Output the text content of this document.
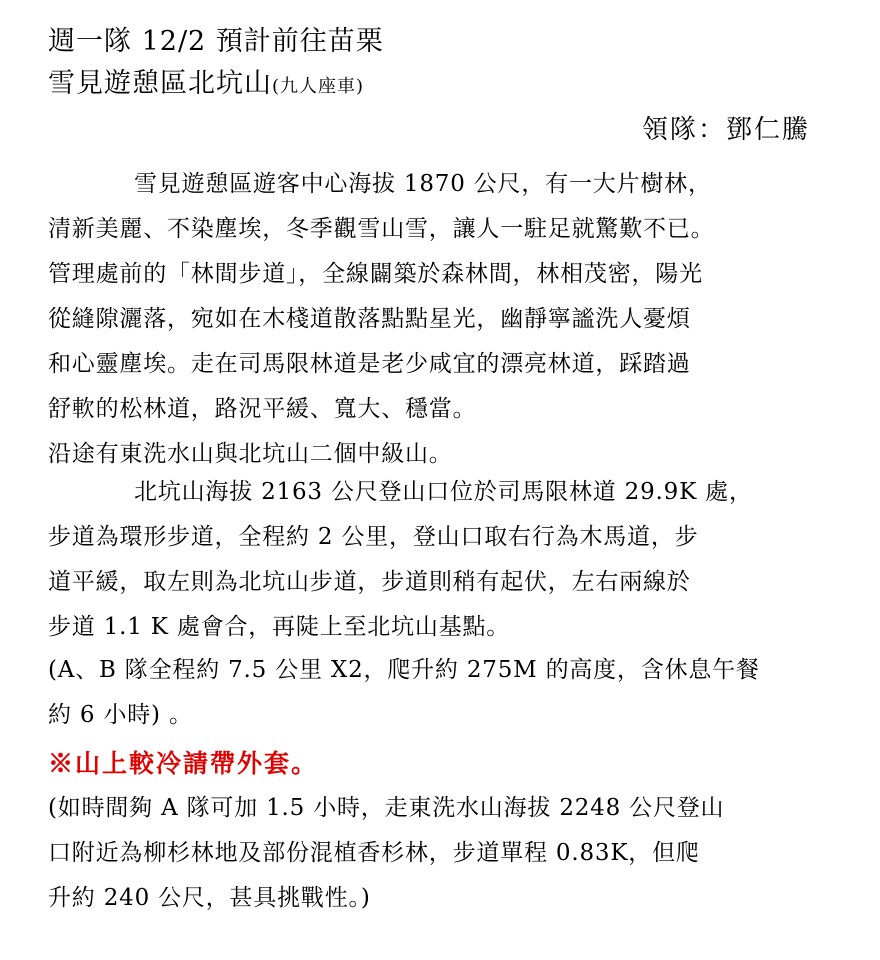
週一隊 12/2 預計前往苗栗
雪見遊憩區北坑山(九人座車)
領隊：鄧仁騰
雪見遊憩區遊客中心海拔 1870 公尺，有一大片樹林，
清新美麗、不染塵埃，冬季觀雪山雪，讓人一駐足就驚歎不已。
管理處前的「林間步道」，全線闢築於森林間，林相茂密，陽光
從縫隙灑落，宛如在木棧道散落點點星光，幽靜寧謐洗人憂煩
和心靈塵埃。走在司馬限林道是老少咸宜的漂亮林道，踩踏過
舒軟的松林道，路況平緩、寬大、穩當。
沿途有東洗水山與北坑山二個中級山。
北坑山海拔 2163 公尺登山口位於司馬限林道 29.9K 處，
步道為環形步道，全程約 2 公里，登山口取右行為木馬道，步
道平緩，取左則為北坑山步道，步道則稍有起伏，左右兩線於
步道 1.1 K 處會合，再陡上至北坑山基點。
(A、B 隊全程約 7.5 公里 X2，爬升約 275M 的高度，含休息午餐
約 6 小時) 。
※山上較冷請帶外套。
(如時間夠 A 隊可加 1.5 小時，走東洗水山海拔 2248 公尺登山
口附近為柳杉林地及部份混植香杉林，步道單程 0.83K，但爬
升約 240 公尺，甚具挑戰性。)
